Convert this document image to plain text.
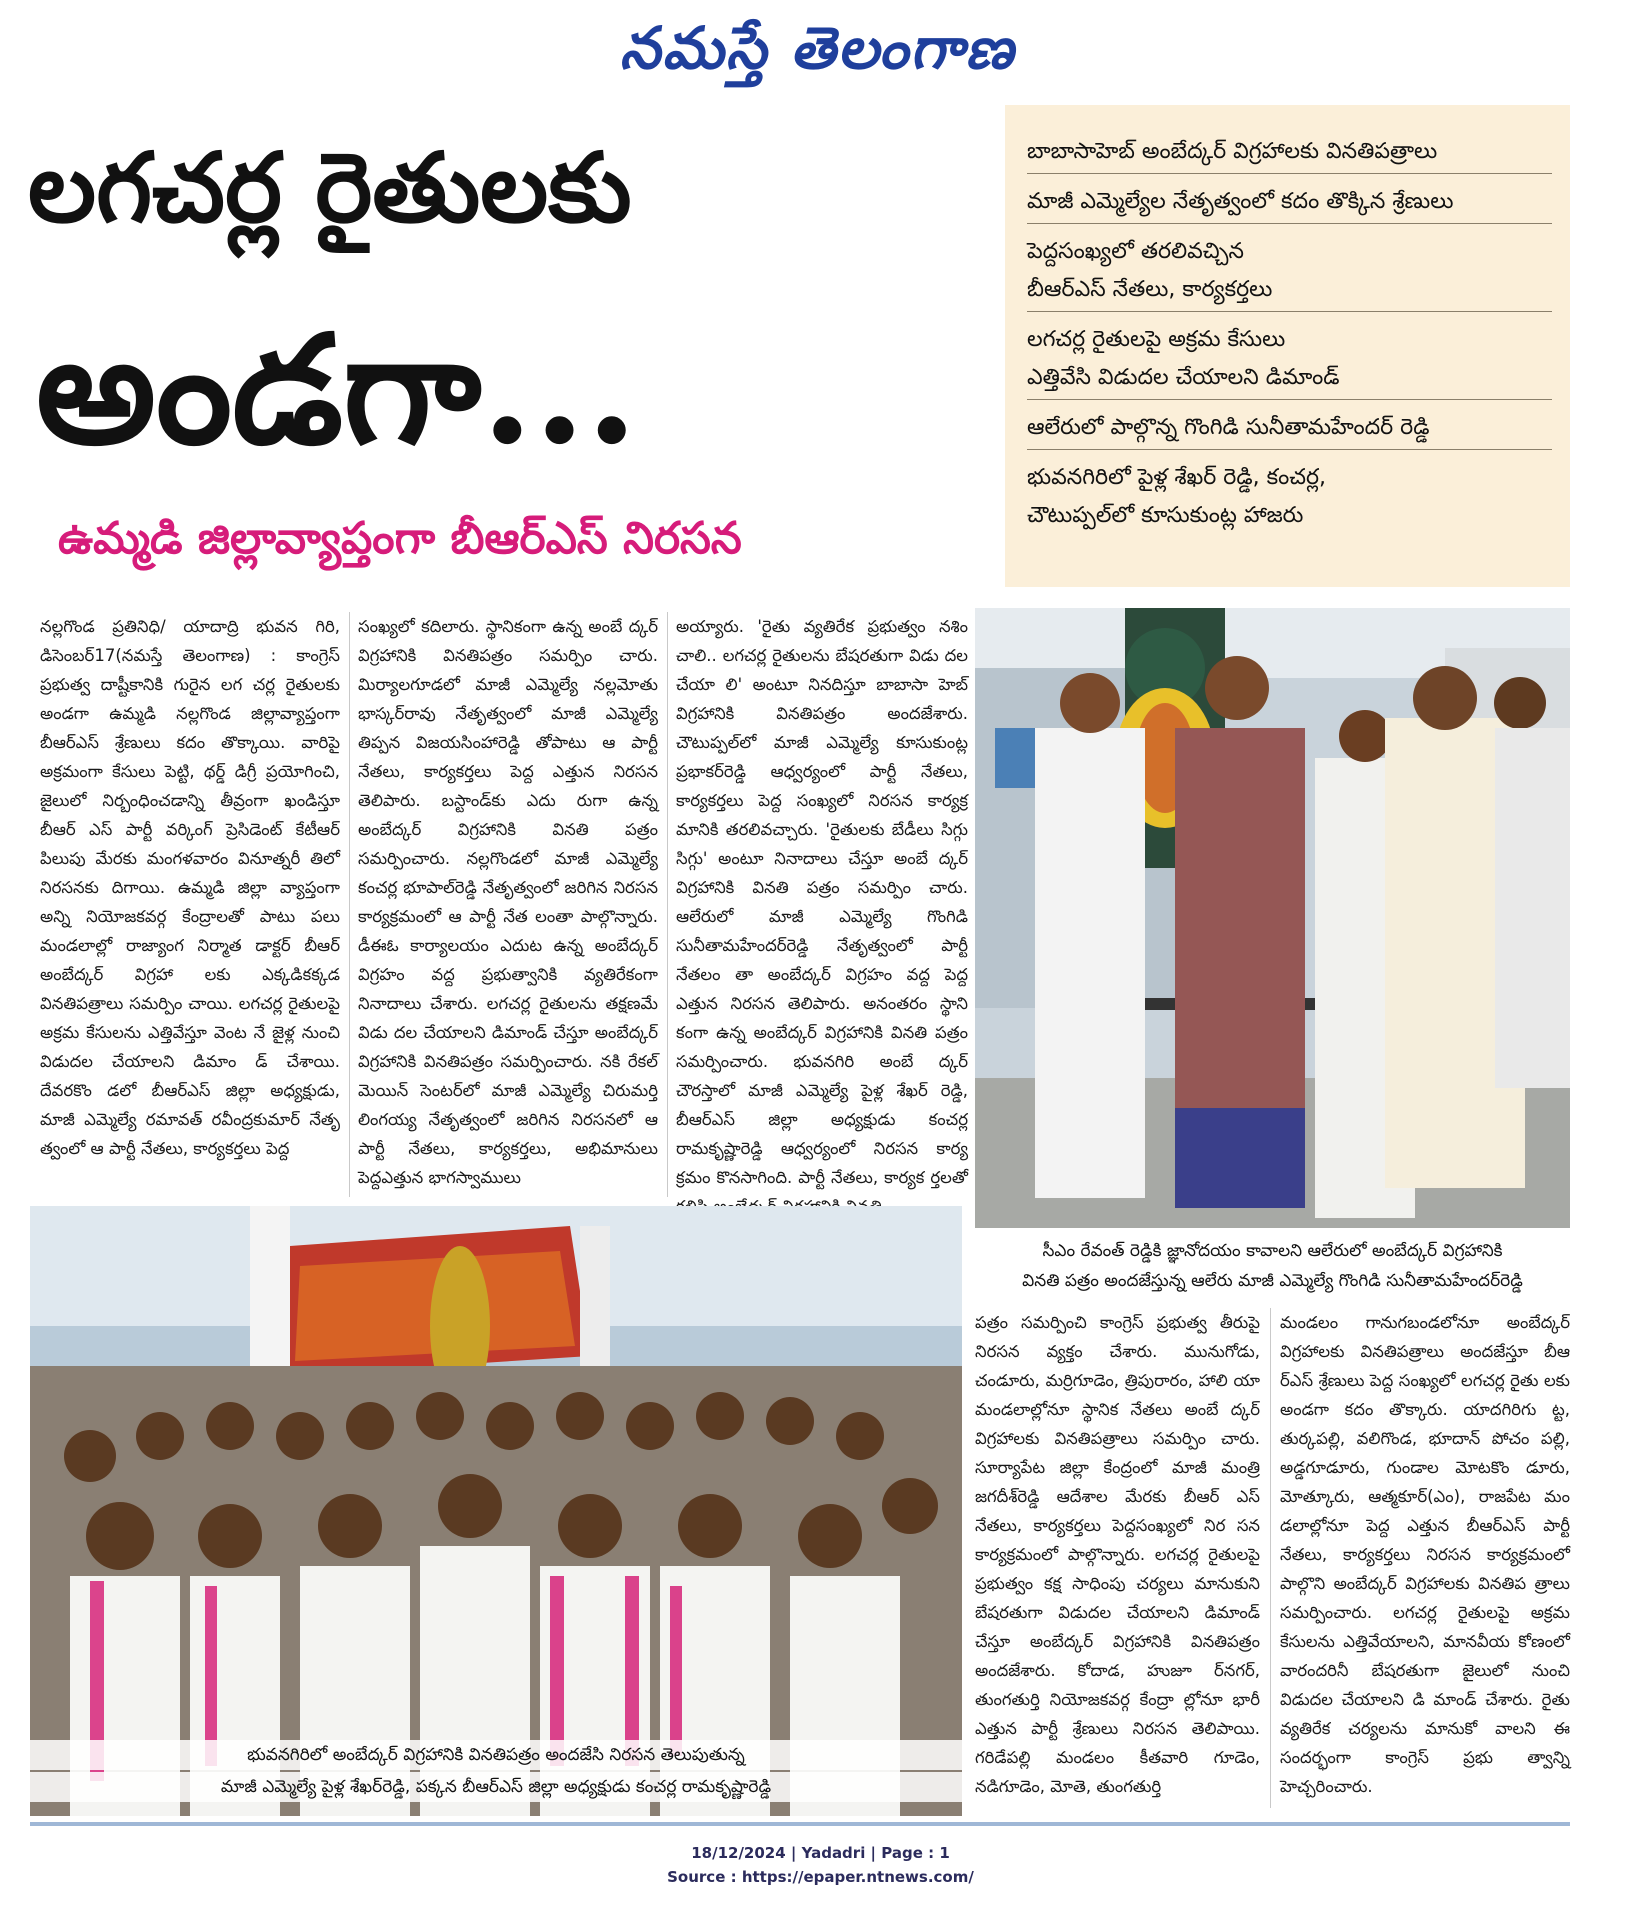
నమస్తే తెలంగాణ
లగచర్ల రైతులకు
అండగా...
ఉమ్మడి జిల్లావ్యాప్తంగా బీఆర్ఎస్ నిరసన
బాబాసాహెబ్ అంబేద్కర్ విగ్రహాలకు వినతిపత్రాలు
మాజీ ఎమ్మెల్యేల నేతృత్వంలో కదం తొక్కిన శ్రేణులు
పెద్దసంఖ్యలో తరలివచ్చిన
బీఆర్ఎస్ నేతలు, కార్యకర్తలు
లగచర్ల రైతులపై అక్రమ కేసులు
ఎత్తివేసి విడుదల చేయాలని డిమాండ్
ఆలేరులో పాల్గొన్న గొంగిడి సునీతామహేందర్ రెడ్డి
భువనగిరిలో పైళ్ల శేఖర్ రెడ్డి, కంచర్ల,
చౌటుప్పల్‌లో కూసుకుంట్ల హాజరు

నల్లగొండ ప్రతినిధి/ యాదాద్రి భువన గిరి, డిసెంబర్17(నమస్తే తెలంగాణ) : కాంగ్రెస్ ప్రభుత్వ దాష్టీకానికి గురైన లగ చర్ల రైతులకు అండగా ఉమ్మడి నల్లగొండ జిల్లావ్యాప్తంగా బీఆర్ఎస్ శ్రేణులు కదం తొక్కాయి. వారిపై అక్రమంగా కేసులు పెట్టి, థర్డ్ డిగ్రీ ప్రయోగించి, జైలులో నిర్బంధించడాన్ని తీవ్రంగా ఖండిస్తూ బీఆర్ ఎస్ పార్టీ వర్కింగ్ ప్రెసిడెంట్ కేటీఆర్ పిలుపు మేరకు మంగళవారం వినూత్నరీ తిలో నిరసనకు దిగాయి. ఉమ్మడి జిల్లా వ్యాప్తంగా అన్ని నియోజకవర్గ కేంద్రాలతో పాటు పలు మండలాల్లో రాజ్యాంగ నిర్మాత డాక్టర్ బీఆర్ అంబేద్కర్ విగ్రహా లకు ఎక్కడికక్కడ వినతిపత్రాలు సమర్పిం చాయి. లగచర్ల రైతులపై అక్రమ కేసులను ఎత్తివేస్తూ వెంట నే జైళ్ల నుంచి విడుదల చేయాలని డిమాం డ్ చేశాయి. దేవరకొం డలో బీఆర్ఎస్ జిల్లా అధ్యక్షుడు, మాజీ ఎమ్మెల్యే రమావత్ రవీంద్రకుమార్ నేతృ త్వంలో ఆ పార్టీ నేతలు, కార్యకర్తలు పెద్ద

సంఖ్యలో కదిలారు. స్థానికంగా ఉన్న అంబే ద్కర్ విగ్రహానికి వినతిపత్రం సమర్పిం చారు. మిర్యాలగూడలో మాజీ ఎమ్మెల్యే నల్లమోతు భాస్కర్‌రావు నేతృత్వంలో మాజీ ఎమ్మెల్యే తిప్పన విజయసింహారెడ్డి తోపాటు ఆ పార్టీ నేతలు, కార్యకర్తలు పెద్ద ఎత్తున నిరసన తెలిపారు. బస్టాండ్‌కు ఎదు రుగా ఉన్న అంబేద్కర్ విగ్రహానికి వినతి పత్రం సమర్పించారు. నల్లగొండలో మాజీ ఎమ్మెల్యే కంచర్ల భూపాల్‌రెడ్డి నేతృత్వంలో జరిగిన నిరసన కార్యక్రమంలో ఆ పార్టీ నేత లంతా పాల్గొన్నారు. డీఈఓ కార్యాలయం ఎదుట ఉన్న అంబేద్కర్ విగ్రహం వద్ద ప్రభుత్వానికి వ్యతిరేకంగా నినాదాలు చేశారు. లగచర్ల రైతులను తక్షణమే విడు దల చేయాలని డిమాండ్ చేస్తూ అంబేద్కర్ విగ్రహానికి వినతిపత్రం సమర్పించారు. నకి రేకల్ మెయిన్ సెంటర్‌లో మాజీ ఎమ్మెల్యే చిరుమర్తి లింగయ్య నేతృత్వంలో జరిగిన నిరసనలో ఆ పార్టీ నేతలు, కార్యకర్తలు, అభిమానులు పెద్దఎత్తున భాగస్వాములు

అయ్యారు. 'రైతు వ్యతిరేక ప్రభుత్వం నశిం చాలి.. లగచర్ల రైతులను బేషరతుగా విడు దల చేయా లి' అంటూ నినదిస్తూ బాబాసా హెబ్ విగ్రహానికి వినతిపత్రం అందజేశారు. చౌటుప్పల్‌లో మాజీ ఎమ్మెల్యే కూసుకుంట్ల ప్రభాకర్‌రెడ్డి ఆధ్వర్యంలో పార్టీ నేతలు, కార్యకర్తలు పెద్ద సంఖ్యలో నిరసన కార్యక్ర మానికి తరలివచ్చారు. 'రైతులకు బేడీలు సిగ్గు సిగ్గు' అంటూ నినాదాలు చేస్తూ అంబే ద్కర్ విగ్రహానికి వినతి పత్రం సమర్పిం చారు. ఆలేరులో మాజీ ఎమ్మెల్యే గొంగిడి సునీతామహేందర్‌రెడ్డి నేతృత్వంలో పార్టీ నేతలం తా అంబేద్కర్ విగ్రహం వద్ద పెద్ద ఎత్తున నిరసన తెలిపారు. అనంతరం స్థాని కంగా ఉన్న అంబేద్కర్ విగ్రహానికి వినతి పత్రం సమర్పించారు. భువనగిరి అంబే ద్కర్ చౌరస్తాలో మాజీ ఎమ్మెల్యే పైళ్ల శేఖర్ రెడ్డి, బీఆర్ఎస్ జిల్లా అధ్యక్షుడు కంచర్ల రామకృష్ణారెడ్డి ఆధ్వర్యంలో నిరసన కార్య క్రమం కొనసాగింది. పార్టీ నేతలు, కార్యక ర్తలతో

సీఎం రేవంత్ రెడ్డికి జ్ఞానోదయం కావాలని ఆలేరులో అంబేద్కర్ విగ్రహానికి
వినతి పత్రం అందజేస్తున్న ఆలేరు మాజీ ఎమ్మెల్యే గొంగిడి సునీతామహేందర్‌రెడ్డి
భువనగిరిలో అంబేద్కర్ విగ్రహానికి వినతిపత్రం అందజేసి నిరసన తెలుపుతున్న
మాజీ ఎమ్మెల్యే పైళ్ల శేఖర్‌రెడ్డి, పక్కన బీఆర్ఎస్ జిల్లా అధ్యక్షుడు కంచర్ల రామకృష్ణారెడ్డి

పత్రం సమర్పించి కాంగ్రెస్ ప్రభుత్వ తీరుపై నిరసన వ్యక్తం చేశారు. మునుగోడు, చండూరు, మర్రిగూడెం, త్రిపురారం, హాలి యా మండలాల్లోనూ స్థానిక నేతలు అంబే ద్కర్ విగ్రహాలకు వినతిపత్రాలు సమర్పిం చారు. సూర్యాపేట జిల్లా కేంద్రంలో మాజీ మంత్రి జగదీశ్‌రెడ్డి ఆదేశాల మేరకు బీఆర్ ఎస్ నేతలు, కార్యకర్తలు పెద్దసంఖ్యలో నిర సన కార్యక్రమంలో పాల్గొన్నారు. లగచర్ల రైతులపై ప్రభుత్వం కక్ష సాధింపు చర్యలు మానుకుని బేషరతుగా విడుదల చేయాలని డిమాండ్ చేస్తూ అంబేద్కర్ విగ్రహానికి వినతిపత్రం అందజేశారు. కోదాడ, హుజూ ర్‌నగర్, తుంగతుర్తి నియోజకవర్గ కేంద్రా ల్లోనూ భారీ ఎత్తున పార్టీ శ్రేణులు నిరసన తెలిపాయి. గరిడేపల్లి మండలం కీతవారి గూడెం, నడిగూడెం, మోతె, తుంగతుర్తి

మండలం గానుగబండలోనూ అంబేద్కర్ విగ్రహాలకు వినతిపత్రాలు అందజేస్తూ బీఆ ర్ఎస్ శ్రేణులు పెద్ద సంఖ్యలో లగచర్ల రైతు లకు అండగా కదం తొక్కారు. యాదగిరిగు ట్ట, తుర్కపల్లి, వలిగొండ, భూదాన్ పోచం పల్లి, అడ్డగూడూరు, గుండాల మోటకొం డూరు, మోత్కూరు, ఆత్మకూర్(ఎం), రాజపేట మం డలాల్లోనూ పెద్ద ఎత్తున బీఆర్ఎస్ పార్టీ నేతలు, కార్యకర్తలు నిరసన కార్యక్రమంలో పాల్గొని అంబేద్కర్ విగ్రహాలకు వినతిప త్రాలు సమర్పించారు. లగచర్ల రైతులపై అక్రమ కేసులను ఎత్తివేయాలని, మానవీయ కోణంలో వారందరినీ బేషరతుగా జైలులో నుంచి విడుదల చేయాలని డి మాండ్ చేశారు. రైతు వ్యతిరేక చర్యలను మానుకో వాలని ఈ సందర్భంగా కాంగ్రెస్ ప్రభు త్వాన్ని హెచ్చరించారు.

18/12/2024 | Yadadri | Page : 1
Source : https://epaper.ntnews.com/
